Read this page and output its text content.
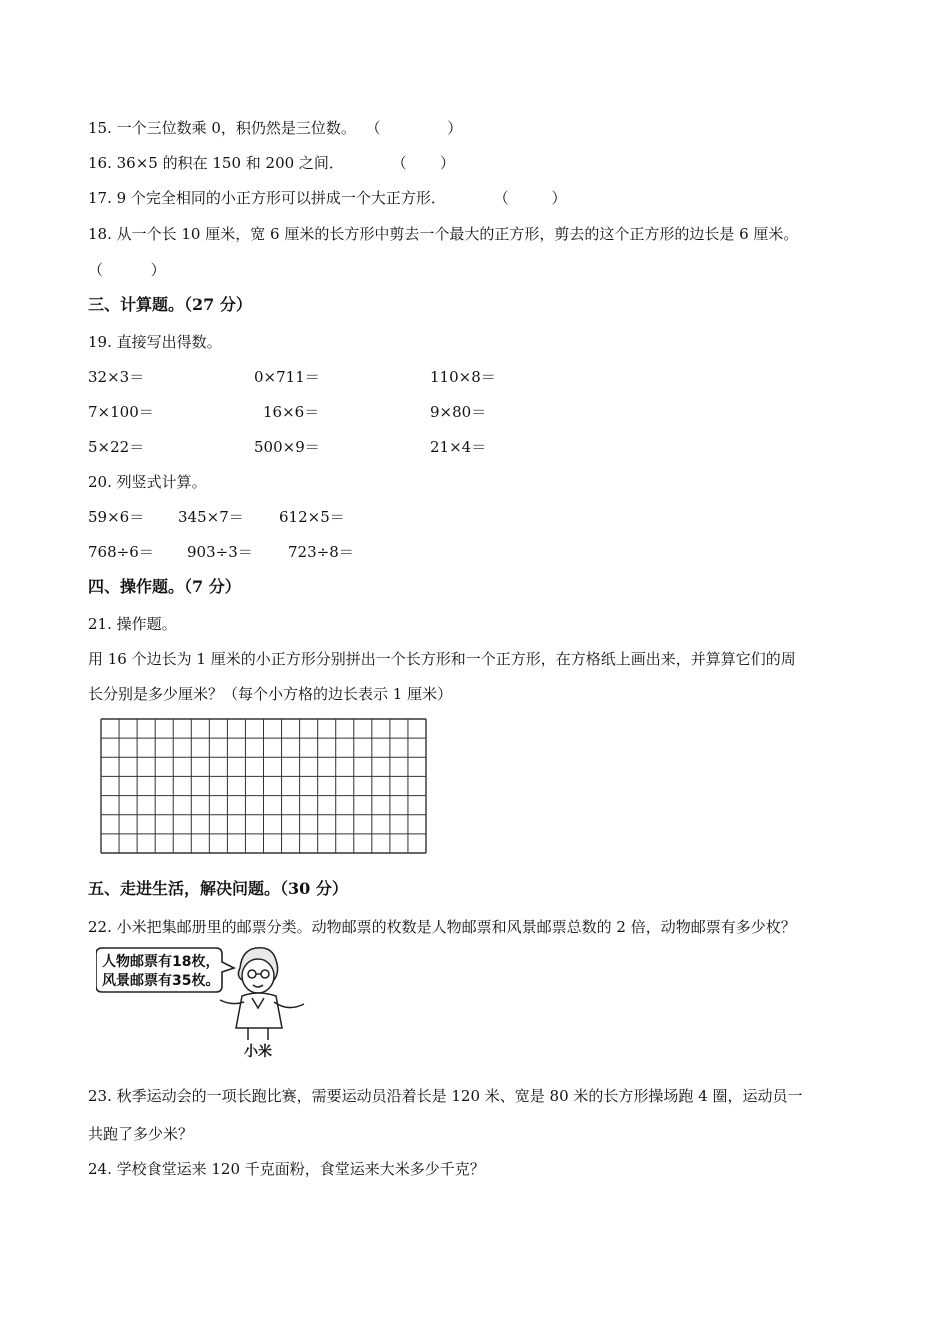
15. 一个三位数乘 0，积仍然是三位数。  （              ）
16. 36×5 的积在 150 和 200 之间．          （       ）
17. 9 个完全相同的小正方形可以拼成一个大正方形．          （         ）
18. 从一个长 10 厘米，宽 6 厘米的长方形中剪去一个最大的正方形，剪去的这个正方形的边长是 6 厘米。
（          ）
三、计算题。（27 分）
19. 直接写出得数。
32×3＝	0×711＝	110×8＝
7×100＝	16×6＝	9×80＝
5×22＝	500×9＝	21×4＝
20. 列竖式计算。
59×6＝ 345×7＝ 612×5＝
768÷6＝ 903÷3＝ 723÷8＝
四、操作题。（7 分）
21. 操作题。
用 16 个边长为 1 厘米的小正方形分别拼出一个长方形和一个正方形，在方格纸上画出来，并算算它们的周
长分别是多少厘米？（每个小方格的边长表示 1 厘米）
五、走进生活，解决问题。（30 分）
22. 小米把集邮册里的邮票分类。动物邮票的枚数是人物邮票和风景邮票总数的 2 倍，动物邮票有多少枚？
人物邮票有18枚，
风景邮票有35枚。
小米
23. 秋季运动会的一项长跑比赛，需要运动员沿着长是 120 米、宽是 80 米的长方形操场跑 4 圈，运动员一
共跑了多少米？
24. 学校食堂运来 120 千克面粉，食堂运来大米多少千克？
